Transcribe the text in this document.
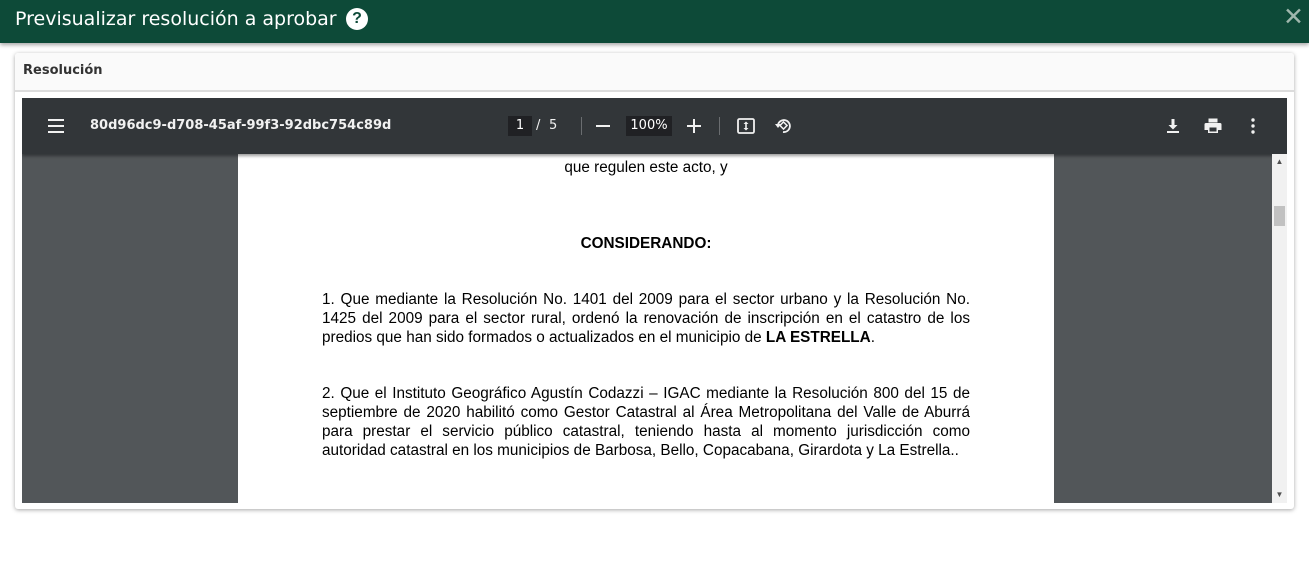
Previsualizar resolución a aprobar ?	✕
Resolución
80d96dc9-d708-45af-99f3-92dbc754c89d	1 / 5	100%
que regulen este acto, y
CONSIDERANDO:
1. Que mediante la Resolución No. 1401 del 2009 para el sector urbano y la Resolución No. 1425 del 2009 para el sector rural, ordenó la renovación de inscripción en el catastro de los predios que han sido formados o actualizados en el municipio de LA ESTRELLA.
2. Que el Instituto Geográfico Agustín Codazzi – IGAC mediante la Resolución 800 del 15 de septiembre de 2020 habilitó como Gestor Catastral al Área Metropolitana del Valle de Aburrá para prestar el servicio público catastral, teniendo hasta al momento jurisdicción como autoridad catastral en los municipios de Barbosa, Bello, Copacabana, Girardota y La Estrella..
▲
▼
